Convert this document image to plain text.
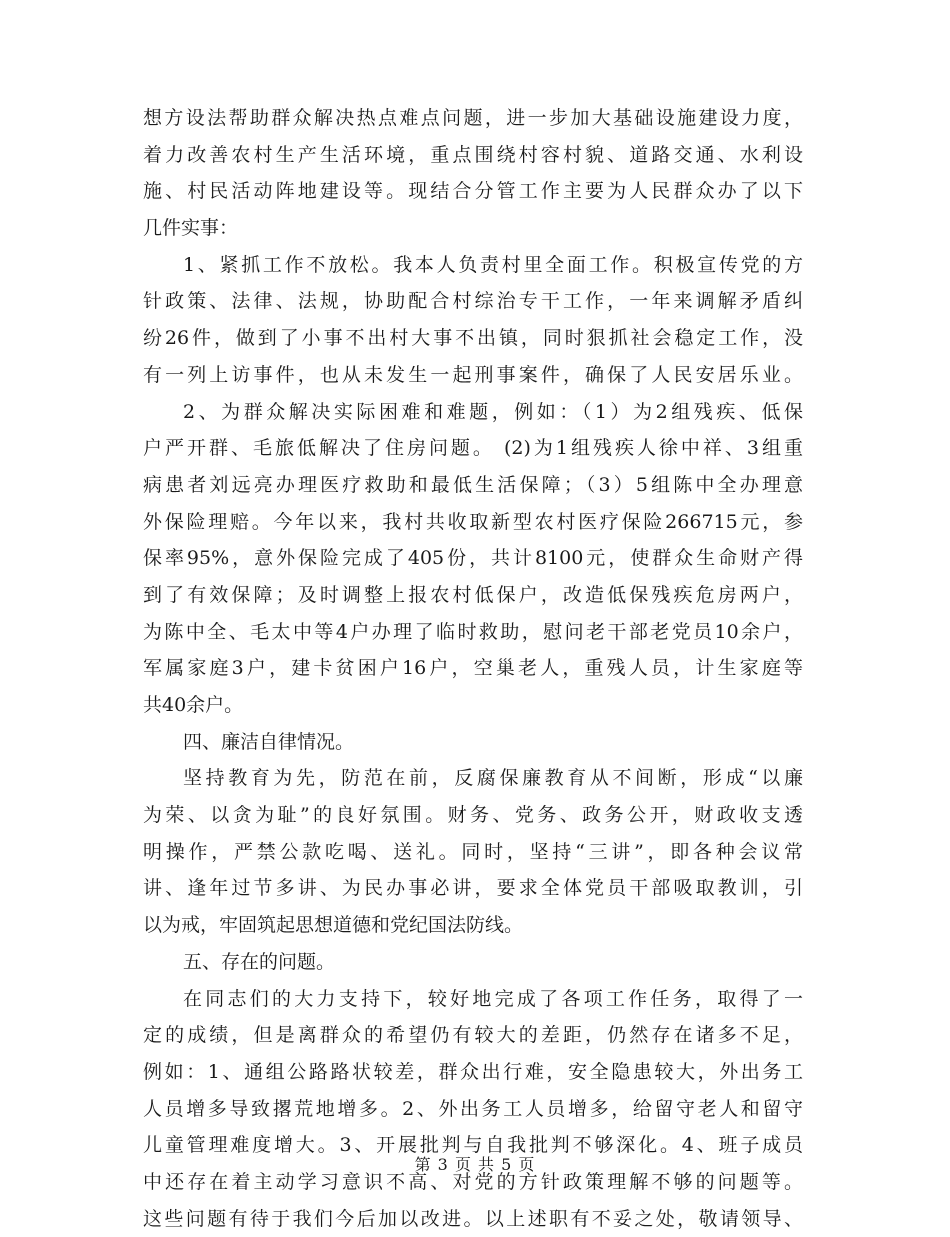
想方设法帮助群众解决热点难点问题，进一步加大基础设施建设力度，
着力改善农村生产生活环境，重点围绕村容村貌、道路交通、水利设
施、村民活动阵地建设等。现结合分管工作主要为人民群众办了以下
几件实事：
1、紧抓工作不放松。我本人负责村里全面工作。积极宣传党的方
针政策、法律、法规，协助配合村综治专干工作，一年来调解矛盾纠
纷26件，做到了小事不出村大事不出镇，同时狠抓社会稳定工作，没
有一列上访事件，也从未发生一起刑事案件，确保了人民安居乐业。
2、为群众解决实际困难和难题，例如：（1）为2组残疾、低保
户严开群、毛旅低解决了住房问题。 (2)为1组残疾人徐中祥、3组重
病患者刘远亮办理医疗救助和最低生活保障；（3）5组陈中全办理意
外保险理赔。今年以来，我村共收取新型农村医疗保险266715元，参
保率95%，意外保险完成了405份，共计8100元，使群众生命财产得
到了有效保障；及时调整上报农村低保户，改造低保残疾危房两户，
为陈中全、毛太中等4户办理了临时救助，慰问老干部老党员10余户，
军属家庭3户，建卡贫困户16户，空巢老人，重残人员，计生家庭等
共40余户。
四、廉洁自律情况。
坚持教育为先，防范在前，反腐保廉教育从不间断，形成“以廉
为荣、以贪为耻”的良好氛围。财务、党务、政务公开，财政收支透
明操作，严禁公款吃喝、送礼。同时，坚持“三讲”，即各种会议常
讲、逢年过节多讲、为民办事必讲，要求全体党员干部吸取教训，引
以为戒，牢固筑起思想道德和党纪国法防线。
五、存在的问题。
在同志们的大力支持下，较好地完成了各项工作任务，取得了一
定的成绩，但是离群众的希望仍有较大的差距，仍然存在诸多不足，
例如：1、通组公路路状较差，群众出行难，安全隐患较大，外出务工
人员增多导致撂荒地增多。2、外出务工人员增多，给留守老人和留守
儿童管理难度增大。3、开展批判与自我批判不够深化。4、班子成员
中还存在着主动学习意识不高、对党的方针政策理解不够的问题等。
这些问题有待于我们今后加以改进。以上述职有不妥之处，敬请领导、
第 3 页 共 5 页
